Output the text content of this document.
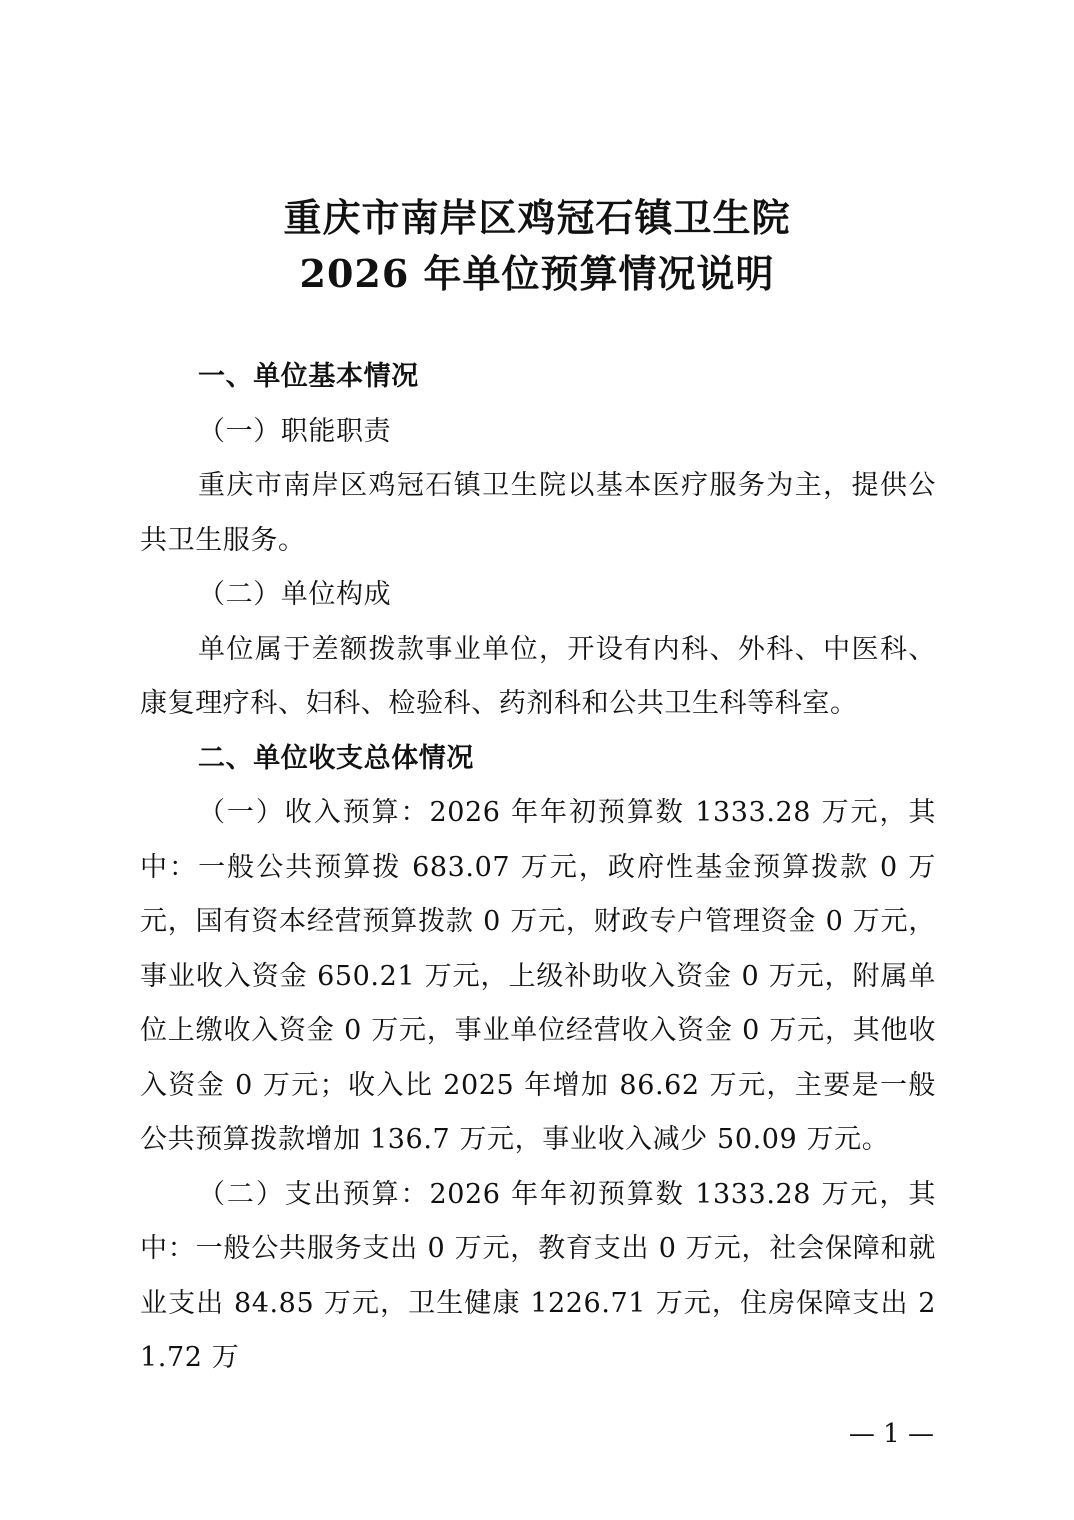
重庆市南岸区鸡冠石镇卫生院
2026 年单位预算情况说明

一、单位基本情况

（一）职能职责

重庆市南岸区鸡冠石镇卫生院以基本医疗服务为主，提供公共卫生服务。

（二）单位构成

单位属于差额拨款事业单位，开设有内科、外科、中医科、康复理疗科、妇科、检验科、药剂科和公共卫生科等科室。

二、单位收支总体情况

（一）收入预算：2026 年年初预算数 1333.28 万元，其中：一般公共预算拨 683.07 万元，政府性基金预算拨款 0 万元，国有资本经营预算拨款 0 万元，财政专户管理资金 0 万元，事业收入资金 650.21 万元，上级补助收入资金 0 万元，附属单位上缴收入资金 0 万元，事业单位经营收入资金 0 万元，其他收入资金 0 万元；收入比 2025 年增加 86.62 万元，主要是一般公共预算拨款增加 136.7 万元，事业收入减少 50.09 万元。

（二）支出预算：2026 年年初预算数 1333.28 万元，其中：一般公共服务支出 0 万元，教育支出 0 万元，社会保障和就业支出 84.85 万元，卫生健康 1226.71 万元，住房保障支出 21.72 万

— 1 —
